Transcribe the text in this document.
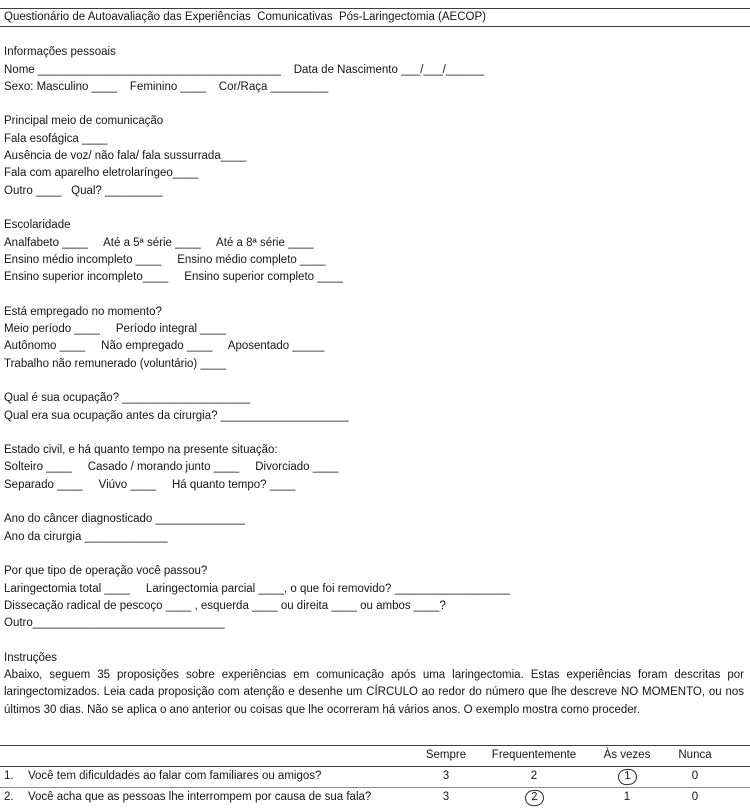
Questionário de Autoavaliação das Experiências  Comunicativas  Pós-Laringectomia (AECOP)
Informações pessoais
Nome ______________________________________    Data de Nascimento ___/___/______
Sexo: Masculino ____    Feminino ____    Cor/Raça _________
Principal meio de comunicação
Fala esofágica ____
Ausência de voz/ não fala/ fala sussurrada____
Fala com aparelho eletrolaríngeo____
Outro ____   Qual? _________
Escolaridade
Analfabeto ____     Até a 5ª série ____     Até a 8ª série ____
Ensino médio incompleto ____     Ensino médio completo ____
Ensino superior incompleto____     Ensino superior completo ____
Está empregado no momento?
Meio período ____     Período integral ____
Autônomo ____     Não empregado ____     Aposentado _____
Trabalho não remunerado (voluntário) ____
Qual é sua ocupação? ____________________
Qual era sua ocupação antes da cirurgia? ____________________
Estado civil, e há quanto tempo na presente situação:
Solteiro ____     Casado / morando junto ____     Divorciado ____
Separado ____     Viúvo ____     Há quanto tempo? ____
Ano do câncer diagnosticado ______________
Ano da cirurgia _____________
Por que tipo de operação você passou?
Laringectomia total ____     Laringectomia parcial ____, o que foi removido? __________________
Dissecação radical de pescoço ____ , esquerda ____ ou direita ____ ou ambos ____?
Outro______________________________
Instruções

Abaixo, seguem 35 proposições sobre experiências em comunicação após uma laringectomia. Estas experiências foram descritas por laringectomizados. Leia cada proposição com atenção e desenhe um CÍRCULO ao redor do número que lhe descreve NO MOMENTO, ou nos últimos 30 dias. Não se aplica o ano anterior ou coisas que lhe ocorreram há vários anos. O exemplo mostra como proceder.

	Sempre	Frequentemente	Às vezes	Nunca
1. Você tem dificuldades ao falar com familiares ou amigos?	3	2	1	0
2. Você acha que as pessoas lhe interrompem por causa de sua fala?	3	2	1	0
